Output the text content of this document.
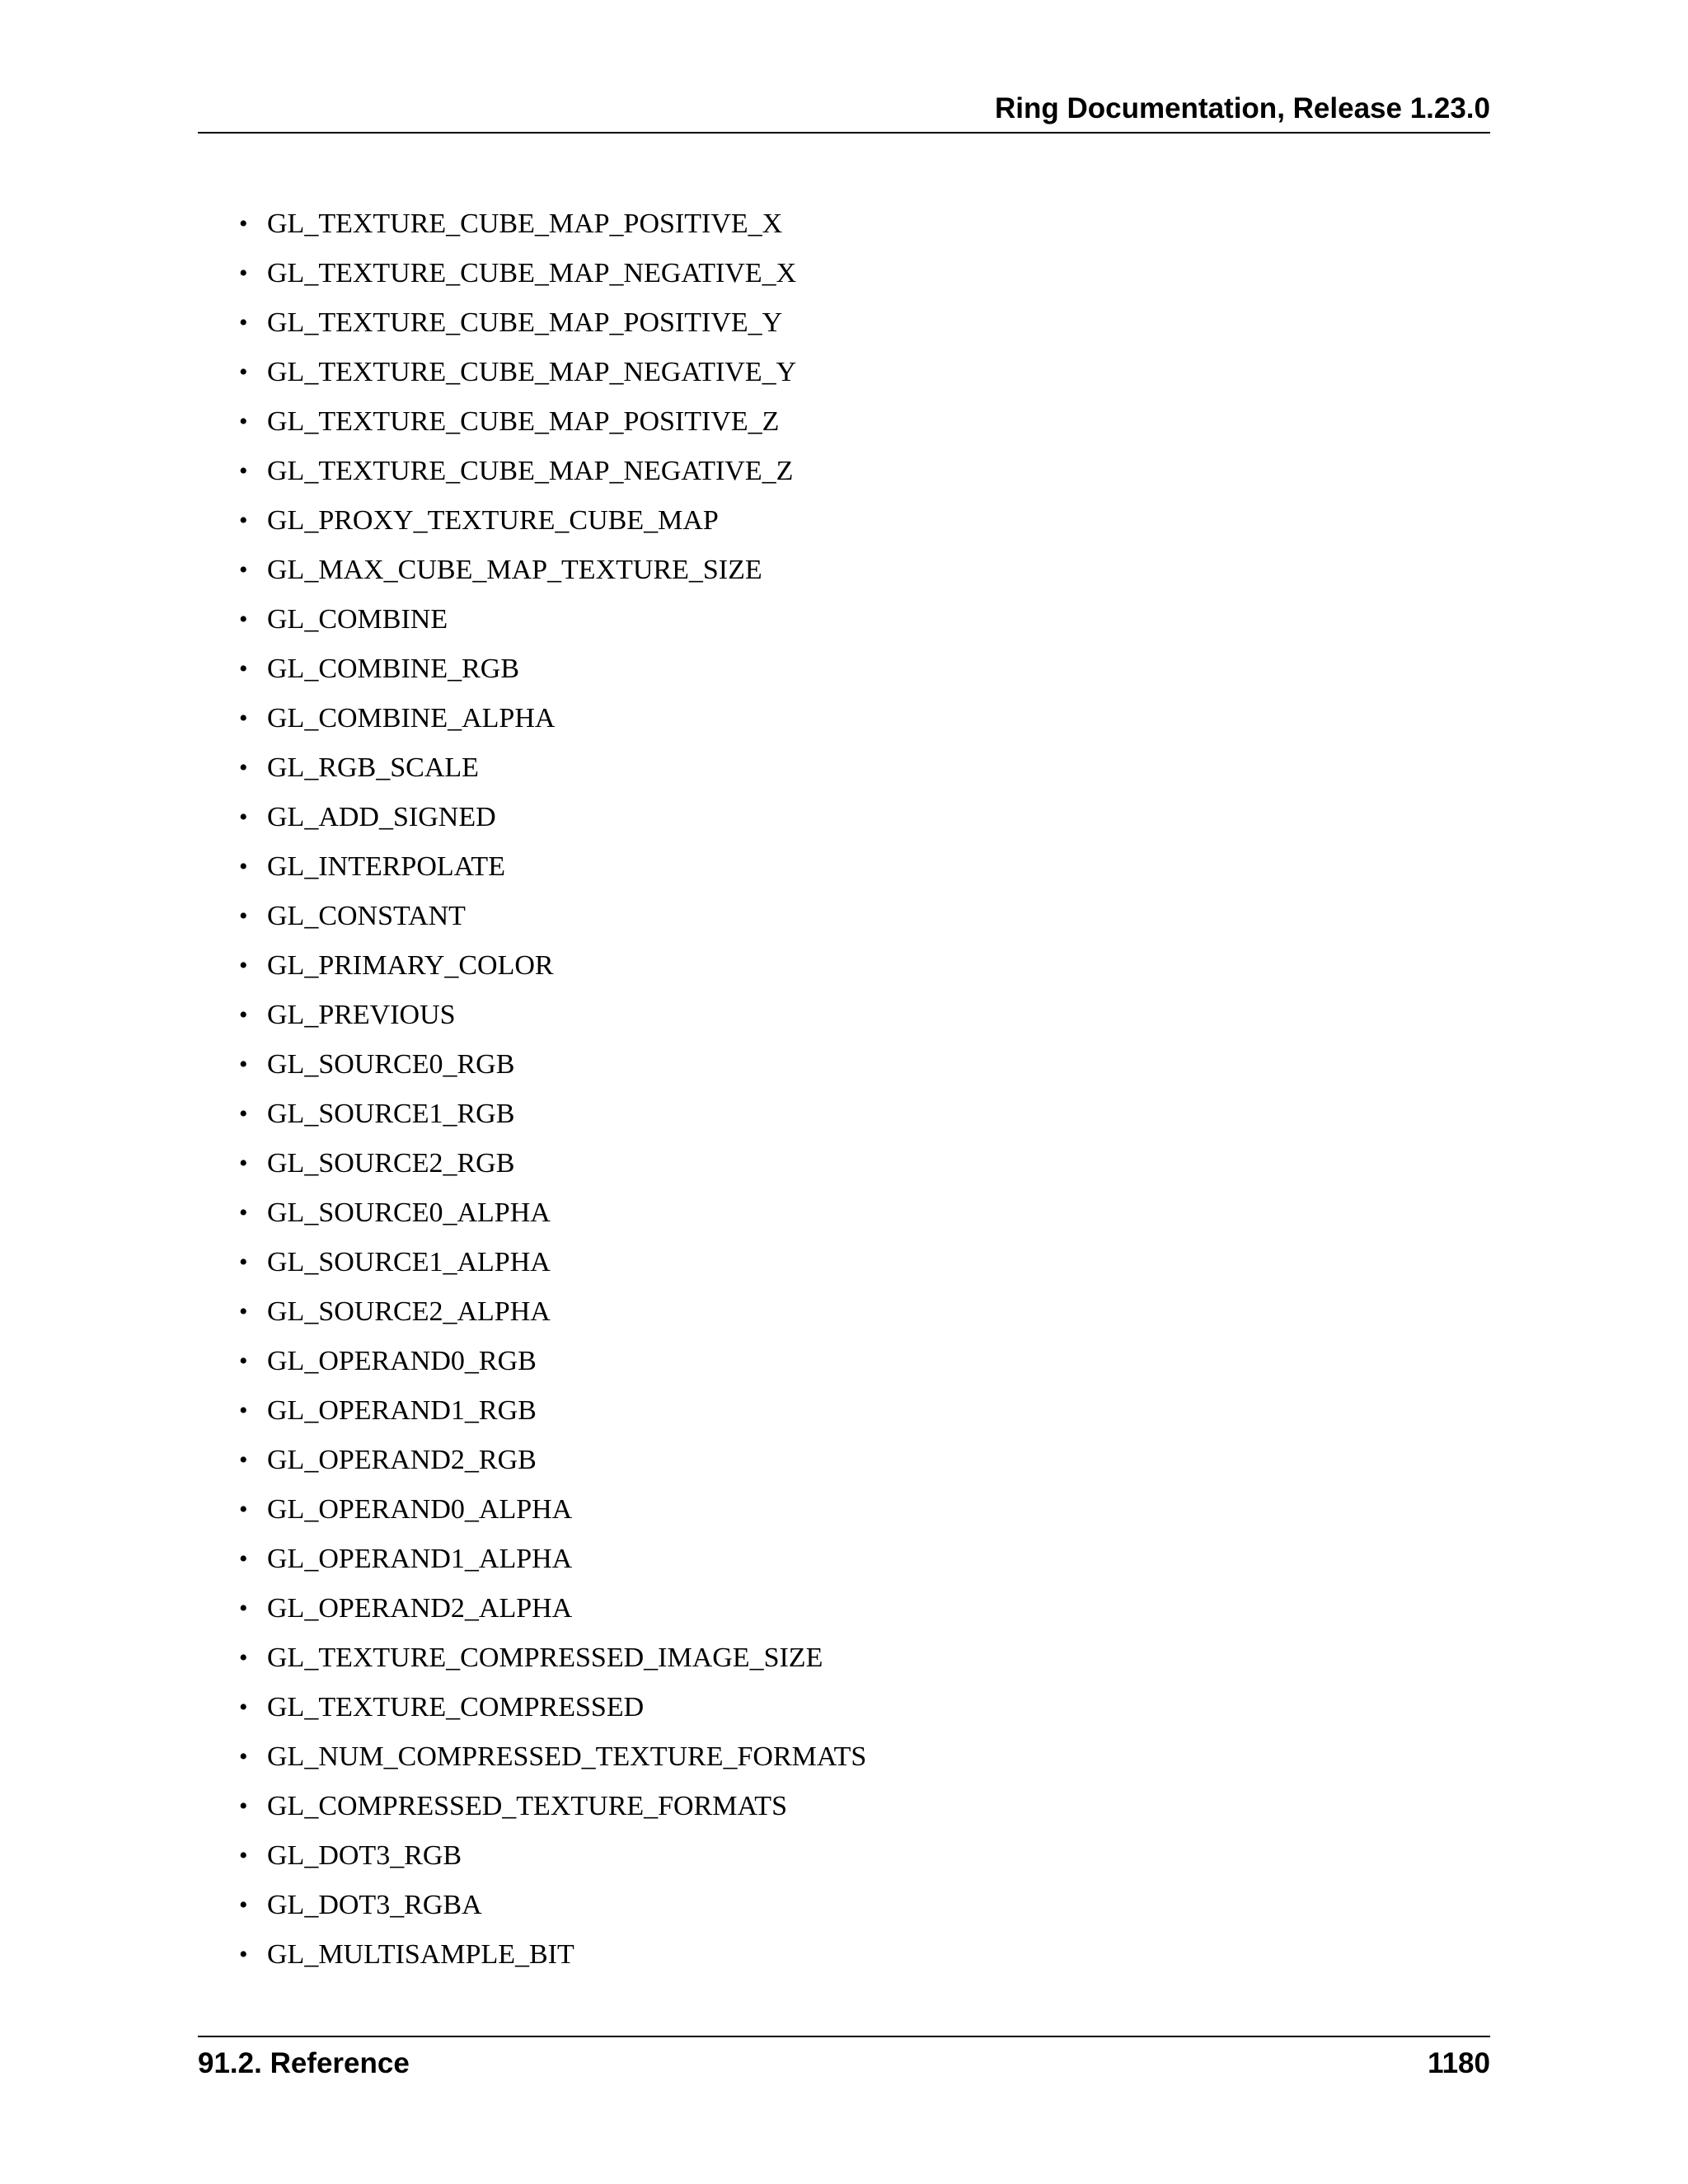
Ring Documentation, Release 1.23.0
• GL_TEXTURE_CUBE_MAP_POSITIVE_X
• GL_TEXTURE_CUBE_MAP_NEGATIVE_X
• GL_TEXTURE_CUBE_MAP_POSITIVE_Y
• GL_TEXTURE_CUBE_MAP_NEGATIVE_Y
• GL_TEXTURE_CUBE_MAP_POSITIVE_Z
• GL_TEXTURE_CUBE_MAP_NEGATIVE_Z
• GL_PROXY_TEXTURE_CUBE_MAP
• GL_MAX_CUBE_MAP_TEXTURE_SIZE
• GL_COMBINE
• GL_COMBINE_RGB
• GL_COMBINE_ALPHA
• GL_RGB_SCALE
• GL_ADD_SIGNED
• GL_INTERPOLATE
• GL_CONSTANT
• GL_PRIMARY_COLOR
• GL_PREVIOUS
• GL_SOURCE0_RGB
• GL_SOURCE1_RGB
• GL_SOURCE2_RGB
• GL_SOURCE0_ALPHA
• GL_SOURCE1_ALPHA
• GL_SOURCE2_ALPHA
• GL_OPERAND0_RGB
• GL_OPERAND1_RGB
• GL_OPERAND2_RGB
• GL_OPERAND0_ALPHA
• GL_OPERAND1_ALPHA
• GL_OPERAND2_ALPHA
• GL_TEXTURE_COMPRESSED_IMAGE_SIZE
• GL_TEXTURE_COMPRESSED
• GL_NUM_COMPRESSED_TEXTURE_FORMATS
• GL_COMPRESSED_TEXTURE_FORMATS
• GL_DOT3_RGB
• GL_DOT3_RGBA
• GL_MULTISAMPLE_BIT
91.2. Reference	1180
